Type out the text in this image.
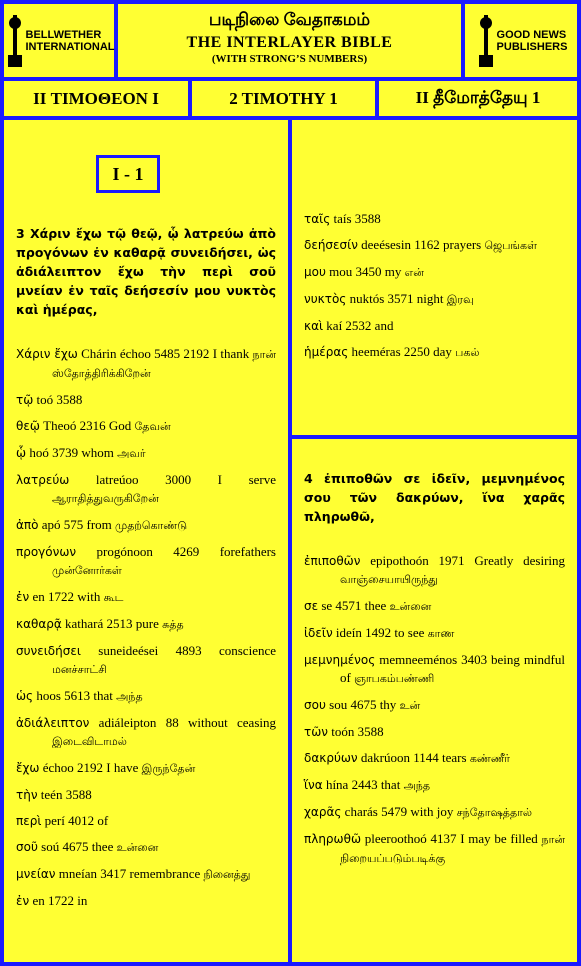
BELLWETHER
INTERNATIONAL
படிநிலை வேதாகமம்
THE INTERLAYER BIBLE
(WITH STRONG’S NUMBERS)
GOOD NEWS
PUBLISHERS
II ΤΙΜΟΘΕΟΝ Ι	2 TIMOTHY 1	II தீமோத்தேயு 1
I - 1
3 Χάριν ἔχω τῷ θεῷ, ᾧ λατρεύω ἀπὸ προγόνων ἐν καθαρᾷ συνειδήσει, ὡς ἀδιάλειπτον ἔχω τὴν περὶ σοῦ μνείαν ἐν ταῖς δεήσεσίν μου νυκτὸς καὶ ἡμέρας,
Χάριν ἔχω Chárin échoo 5485 2192 I thank நான் ஸ்தோத்திரிக்கிறேன்
τῷ toó 3588
θεῷ Theoó 2316 God தேவன்
ᾧ hoó 3739 whom அவர்
λατρεύω latreúoo 3000 I serve ஆராதித்துவருகிறேன்
ἀπὸ apó 575 from முதற்கொண்டு
προγόνων progónoon 4269 forefathers முன்னோர்கள்
ἐν en 1722 with கூட
καθαρᾷ kathará 2513 pure சுத்த
συνειδήσει suneideései 4893 conscience மனச்சாட்சி
ὡς hoos 5613 that அந்த
ἀδιάλειπτον adiáleipton 88 without ceasing இடைவிடாமல்
ἔχω échoo 2192 I have இருந்தேன்
τὴν teén 3588
περὶ perí 4012 of
σοῦ soú 4675 thee உன்னை
μνείαν mneían 3417 remembrance நினைத்து
ἐν en 1722 in
ταῖς taís 3588
δεήσεσίν deeésesin 1162 prayers ஜெபங்கள்
μου mou 3450 my என்
νυκτὸς nuktós 3571 night இரவு
καὶ kaí 2532 and
ἡμέρας heeméras 2250 day பகல்
4 ἐπιποθῶν σε ἰδεῖν, μεμνημένος σου τῶν δακρύων, ἵνα χαρᾶς πληρωθῶ,
ἐπιποθῶν epipothoón 1971 Greatly desiring வாஞ்சையாயிருந்து
σε se 4571 thee உன்னை
ἰδεῖν ideín 1492 to see காண
μεμνημένος memneeménos 3403 being mindful of ஞாபகம்பண்ணி
σου sou 4675 thy உன்
τῶν toón 3588
δακρύων dakrúoon 1144 tears கண்ணீர்
ἵνα hína 2443 that அந்த
χαρᾶς charás 5479 with joy சந்தோஷத்தால்
πληρωθῶ pleeroothoó 4137 I may be filled நான் நிறையப்படும்படிக்கு
